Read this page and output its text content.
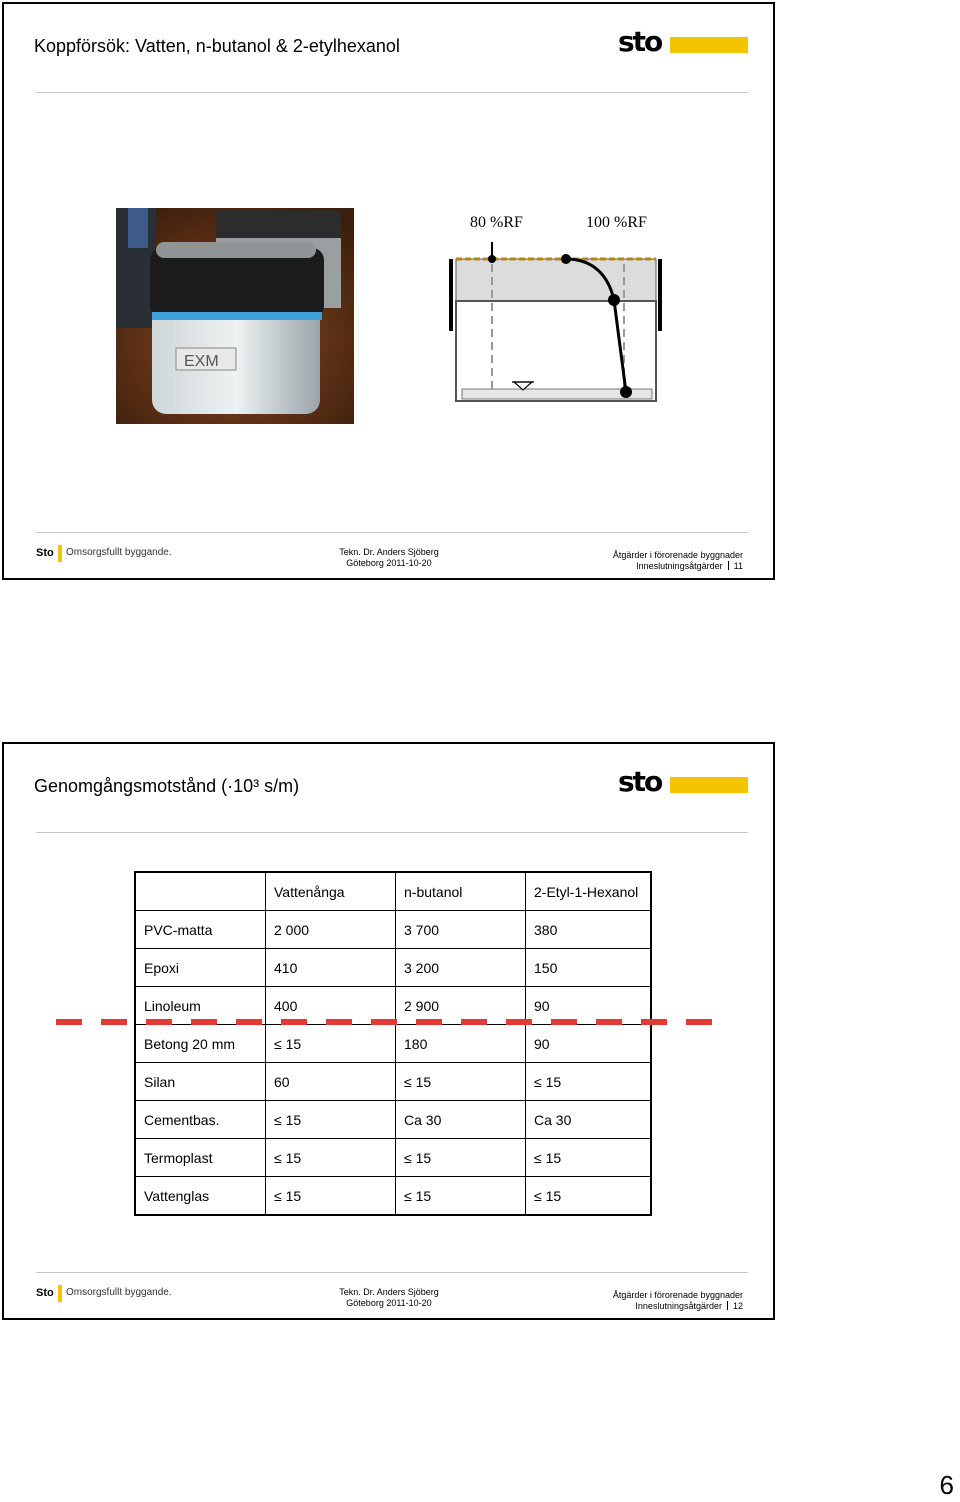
Koppförsök: Vatten, n-butanol & 2-etylhexanol	sto
EXM
80 %RF	100 %RF
Sto Omsorgsfullt byggande.	Tekn. Dr. Anders Sjöberg
Göteborg 2011-10-20
Åtgärder i förorenade byggnader
Inneslutningsåtgärder 11
Genomgångsmotstånd (·10³ s/m)	sto
	Vattenånga	n-butanol	2-Etyl-1-Hexanol
PVC-matta	2 000	3 700	380
Epoxi	410	3 200	150
Linoleum	400	2 900	90
Betong 20 mm	≤ 15	180	90
Silan	60	≤ 15	≤ 15
Cementbas.	≤ 15	Ca 30	Ca 30
Termoplast	≤ 15	≤ 15	≤ 15
Vattenglas	≤ 15	≤ 15	≤ 15
Sto Omsorgsfullt byggande.	Tekn. Dr. Anders Sjöberg
Göteborg 2011-10-20
Åtgärder i förorenade byggnader
Inneslutningsåtgärder 12
6
